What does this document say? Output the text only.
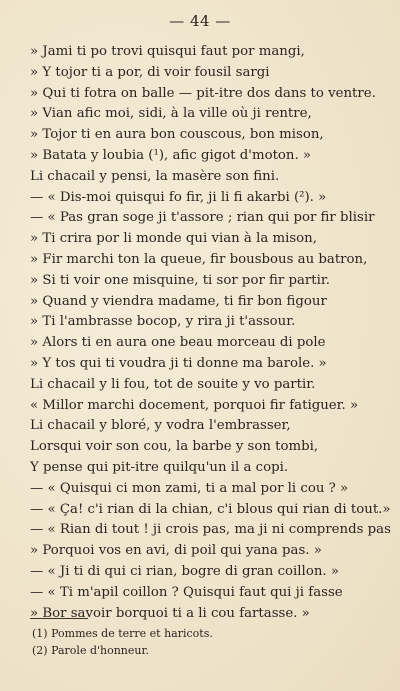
— 44 —
» Jami ti po trovi quisqui faut por mangi,
» Y tojor ti a por, di voir fousil sargi
» Qui ti fotra on balle — pit-itre dos dans to ventre.
» Vian afic moi, sidi, à la ville où ji rentre,
» Tojor ti en aura bon couscous, bon mison,
» Batata y loubia (¹), afic gigot d'moton. »
Li chacail y pensi, la masère son fini.
— « Dis-moi quisqui fo fir, ji li fi akarbi (²). »
— « Pas gran soge ji t'assore ; rian qui por fir blisir
» Ti crira por li monde qui vian à la mison,
» Fir marchi ton la queue, fir bousbous au batron,
» Si ti voir one misquine, ti sor por fir partir.
» Quand y viendra madame, ti fir bon figour
» Ti l'ambrasse bocop, y rira ji t'assour.
» Alors ti en aura one beau morceau di pole
» Y tos qui ti voudra ji ti donne ma barole. »
Li chacail y li fou, tot de souite y vo partir.
« Millor marchi docement, porquoi fir fatiguer. »
Li chacail y bloré, y vodra l'embrasser,
Lorsqui voir son cou, la barbe y son tombi,
Y pense qui pit-itre quilqu'un il a copi.
— « Quisqui ci mon zami, ti a mal por li cou ? »
— « Ça! c'i rian di la chian, c'i blous qui rian di tout.»
— « Rian di tout ! ji crois pas, ma ji ni comprends pas
» Porquoi vos en avi, di poil qui yana pas. »
— « Ji ti di qui ci rian, bogre di gran coillon. »
— « Ti m'apil coillon ? Quisqui faut qui ji fasse
» Bor savoir borquoi ti a li cou fartasse. »
(1) Pommes de terre et haricots.
(2) Parole d'honneur.
